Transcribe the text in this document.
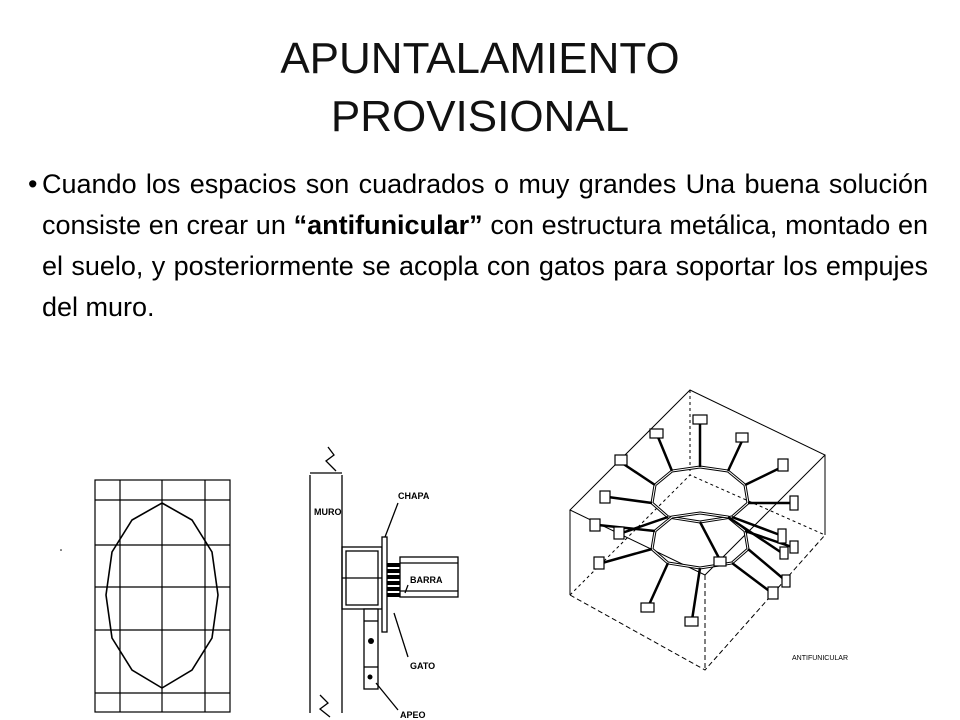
APUNTALAMIENTO
PROVISIONAL
• Cuando los espacios son cuadrados o muy grandes Una buena solución consiste en crear un “antifunicular” con estructura metálica, montado en el suelo, y posteriormente se acopla con gatos para soportar los empujes del muro.
MURO
CHAPA
BARRA
GATO
APEO
ANTIFUNICULAR
